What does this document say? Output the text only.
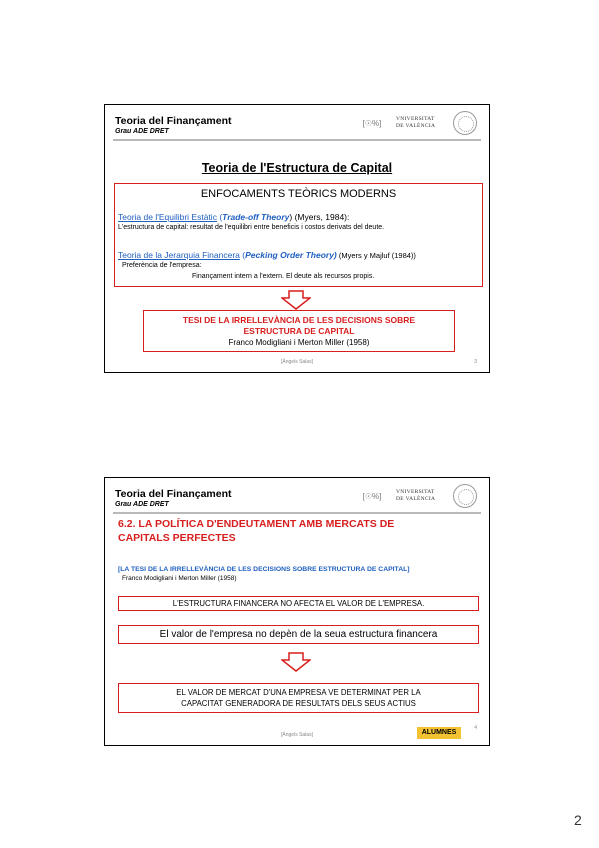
Teoria del Finançament
Grau ADE DRET
[☉%]	VNIVERSITAT
DE VALÈNCIA
Teoria de l'Estructura de Capital
ENFOCAMENTS TEÒRICS MODERNS
Teoria de l'Equilibri Estàtic (Trade-off Theory) (Myers, 1984):
L'estructura de capital: resultat de l'equilibri entre beneficis i costos derivats del deute.
Teoria de la Jerarquia Financera (Pecking Order Theory) (Myers y Majluf (1984))
Preferència de l'empresa:
Finançament intern a l'extern. El deute als recursos propis.
TESI DE LA IRRELLEVÀNCIA DE LES DECISIONS SOBRE
ESTRUCTURA DE CAPITAL
Franco Modigliani i Merton Miller (1958)
[Àngels Salas]	3
Teoria del Finançament
Grau ADE DRET
[☉%]	VNIVERSITAT
DE VALÈNCIA
6.2. LA POLÍTICA D'ENDEUTAMENT AMB MERCATS DE
CAPITALS PERFECTES
[LA TESI DE LA IRRELLEVÀNCIA DE LES DECISIONS SOBRE ESTRUCTURA DE CAPITAL]
Franco Modigliani i Merton Miller (1958)
L'ESTRUCTURA FINANCERA NO AFECTA EL VALOR DE L'EMPRESA.
El valor de l'empresa no depèn de la seua estructura financera
EL VALOR DE MERCAT D'UNA EMPRESA VE DETERMINAT PER LA
CAPACITAT GENERADORA DE RESULTATS DELS SEUS ACTIUS
[Àngels Salas]	ALUMNES
4
2
